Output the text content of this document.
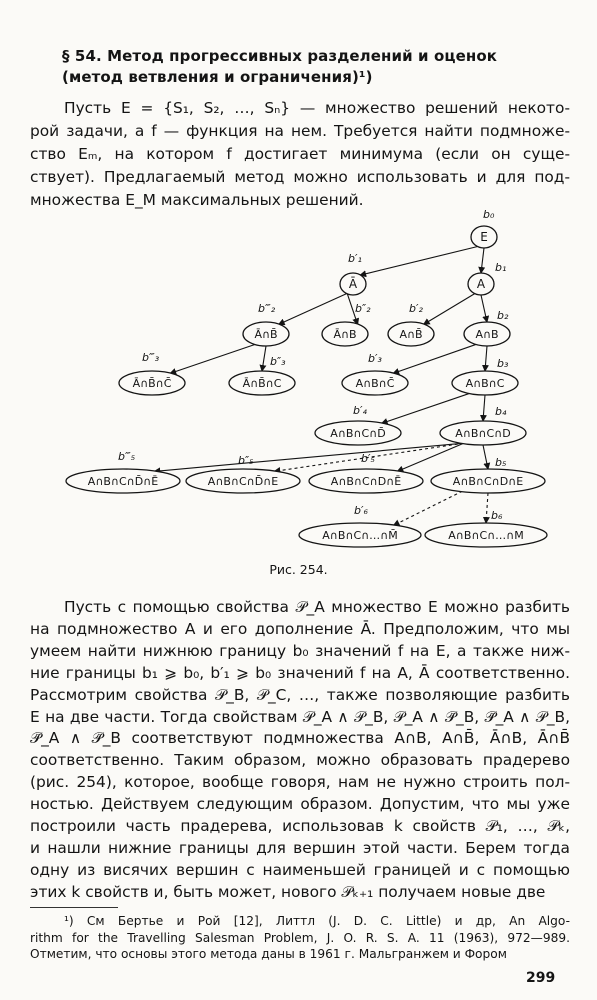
§ 54. Метод прогрессивных разделений и оценок
(метод ветвления и ограничения)¹)
Пусть E = {S₁, S₂, …, Sₙ} — множество решений некото-
рой задачи, а f — функция на нем. Требуется найти подмноже-
ство Eₘ, на котором f достигает минимума (если он суще-
ствует). Предлагаемый метод можно использовать и для под-
множества E_M максимальных решений.
E
Ā	A
Ā∩B̄	Ā∩B	A∩B̄	A∩B
Ā∩B̄∩C̄	Ā∩B̄∩C	A∩B∩C̄	A∩B∩C
A∩B∩C∩D̄	A∩B∩C∩D
A∩B∩C∩D̄∩Ē	A∩B∩C∩D̄∩E	A∩B∩C∩D∩Ē	A∩B∩C∩D∩E
A∩B∩C∩…∩M̄	A∩B∩C∩…∩M
b₀
b′₁
b₁
b‴₂	b″₂	b′₂
b₂
b‴₃	b″₃	b′₃	b₃
b′₄	b₄
b‴₅	b″₅	b′₅	b₅
b′₆	b₆
Рис. 254.
Пусть с помощью свойства 𝒫_A множество E можно разбить
на подмножество A и его дополнение Ā. Предположим, что мы
умеем найти нижнюю границу b₀ значений f на E, а также ниж-
ние границы b₁ ⩾ b₀, b′₁ ⩾ b₀ значений f на A, Ā соответственно.
Рассмотрим свойства 𝒫_B, 𝒫_C, …, также позволяющие разбить
E на две части. Тогда свойствам 𝒫_A ∧ 𝒫_B, 𝒫_A ∧ 𝒫̄_B, 𝒫̄_A ∧ 𝒫_B,
𝒫̄_A ∧ 𝒫̄_B соответствуют подмножества A∩B, A∩B̄, Ā∩B, Ā∩B̄
соответственно. Таким образом, можно образовать прадерево
(рис. 254), которое, вообще говоря, нам не нужно строить пол-
ностью. Действуем следующим образом. Допустим, что мы уже
построили часть прадерева, использовав k свойств 𝒫₁, …, 𝒫ₖ,
и нашли нижние границы для вершин этой части. Берем тогда
одну из висячих вершин с наименьшей границей и с помощью
этих k свойств и, быть может, нового 𝒫ₖ₊₁ получаем новые две
¹) См Бертье и Рой [12], Литтл (J. D. C. Little) и др, An Algo-
rithm for the Travelling Salesman Problem, J. O. R. S. A. 11 (1963), 972—989.
Отметим, что основы этого метода даны в 1961 г. Мальгранжем и Фором
299
